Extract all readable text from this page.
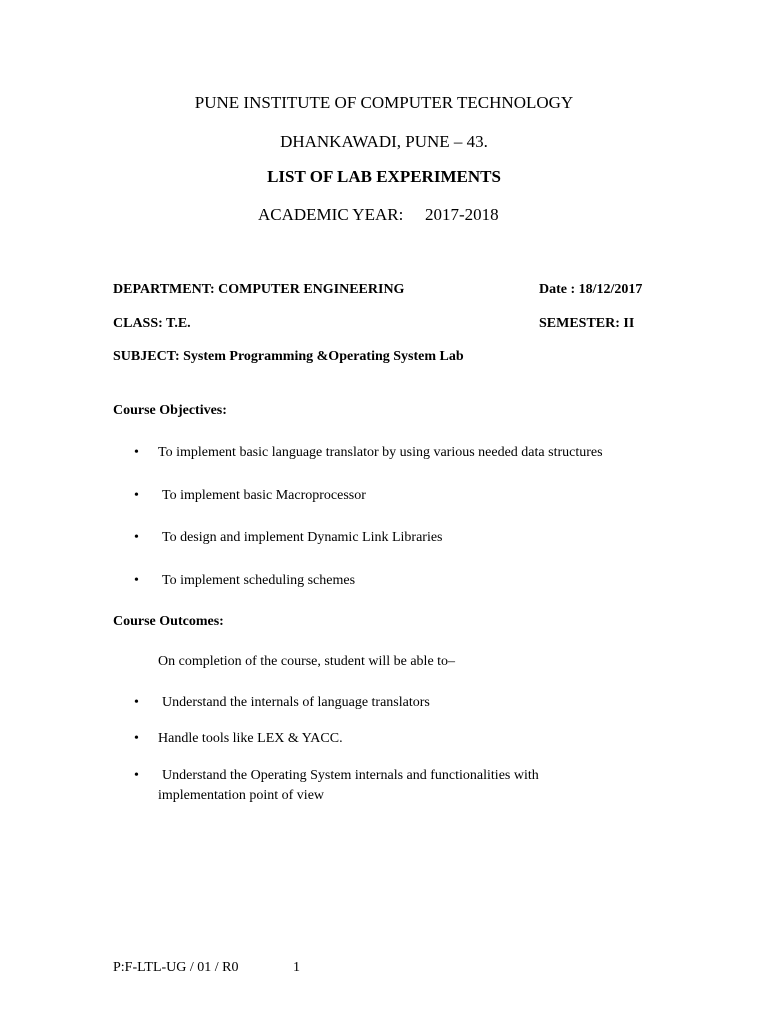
PUNE INSTITUTE OF COMPUTER TECHNOLOGY
DHANKAWADI, PUNE – 43.
LIST OF LAB EXPERIMENTS
ACADEMIC YEAR: 2017-2018
DEPARTMENT: COMPUTER ENGINEERING	Date : 18/12/2017
CLASS: T.E.	SEMESTER: II
SUBJECT: System Programming &Operating System Lab
Course Objectives:
• To implement basic language translator by using various needed data structures
• To implement basic Macroprocessor
• To design and implement Dynamic Link Libraries
• To implement scheduling schemes
Course Outcomes:
On completion of the course, student will be able to–
• Understand the internals of language translators
• Handle tools like LEX & YACC.
• Understand the Operating System internals and functionalities with
implementation point of view
P:F-LTL-UG / 01 / R0	1
